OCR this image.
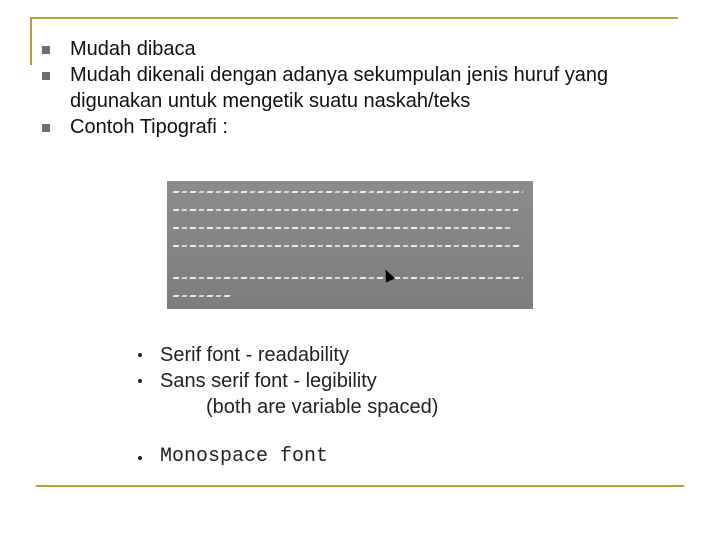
Mudah dibaca
Mudah dikenali dengan adanya sekumpulan jenis huruf yang digunakan untuk mengetik suatu naskah/teks
Contoh Tipografi :
Serif font - readability
Sans serif font - legibility
(both are variable spaced)
Monospace font
